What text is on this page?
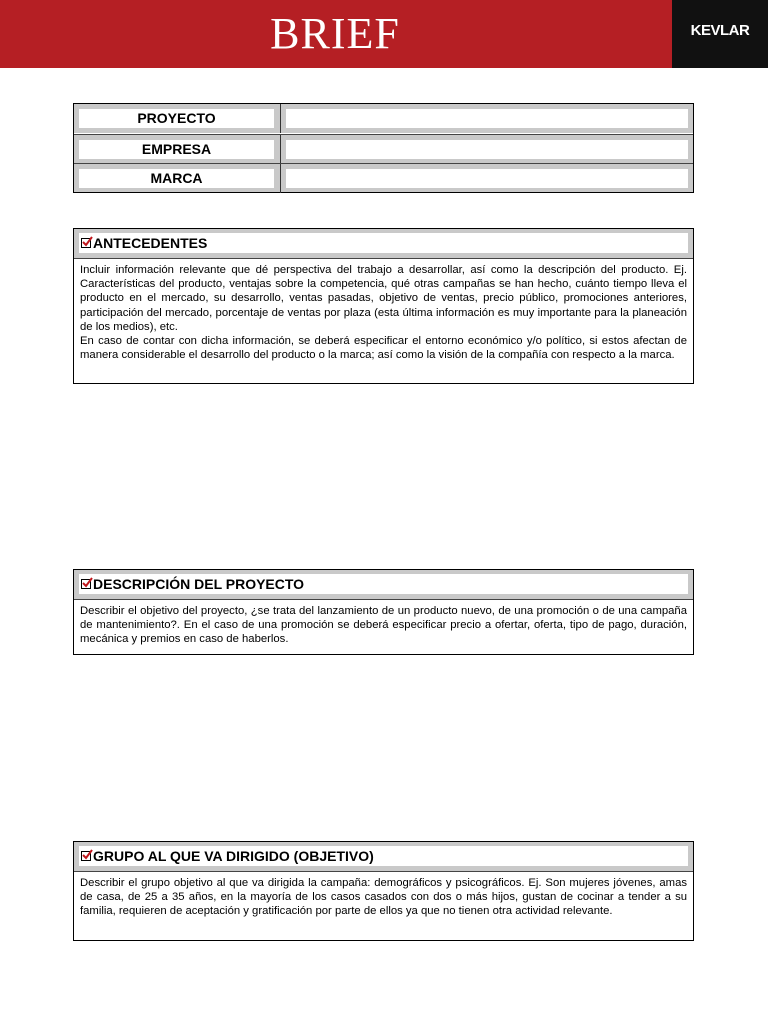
BRIEF	KEVLAR
PROYECTO
EMPRESA
MARCA
ANTECEDENTES

Incluir información relevante que dé perspectiva del trabajo a desarrollar, así como la descripción del producto. Ej. Características del producto, ventajas sobre la competencia, qué otras campañas se han hecho, cuánto tiempo lleva el producto en el mercado, su desarrollo, ventas pasadas, objetivo de ventas, precio público, promociones anteriores, participación del mercado, porcentaje de ventas por plaza (esta última información es muy importante para la planeación de los medios), etc.

En caso de contar con dicha información, se deberá especificar el entorno económico y/o político, si estos afectan de manera considerable el desarrollo del producto o la marca; así como la visión de la compañía con respecto a la marca.

DESCRIPCIÓN DEL PROYECTO

Describir el objetivo del proyecto, ¿se trata del lanzamiento de un producto nuevo, de una promoción o de una campaña de mantenimiento?. En el caso de una promoción se deberá especificar precio a ofertar, oferta, tipo de pago, duración, mecánica y premios en caso de haberlos.

GRUPO AL QUE VA DIRIGIDO (OBJETIVO)

Describir el grupo objetivo al que va dirigida la campaña: demográficos y psicográficos. Ej. Son mujeres jóvenes, amas de casa, de 25 a 35 años, en la mayoría de los casos casados con dos o más hijos, gustan de cocinar a tender a su familia, requieren de aceptación y gratificación por parte de ellos ya que no tienen otra actividad relevante.
